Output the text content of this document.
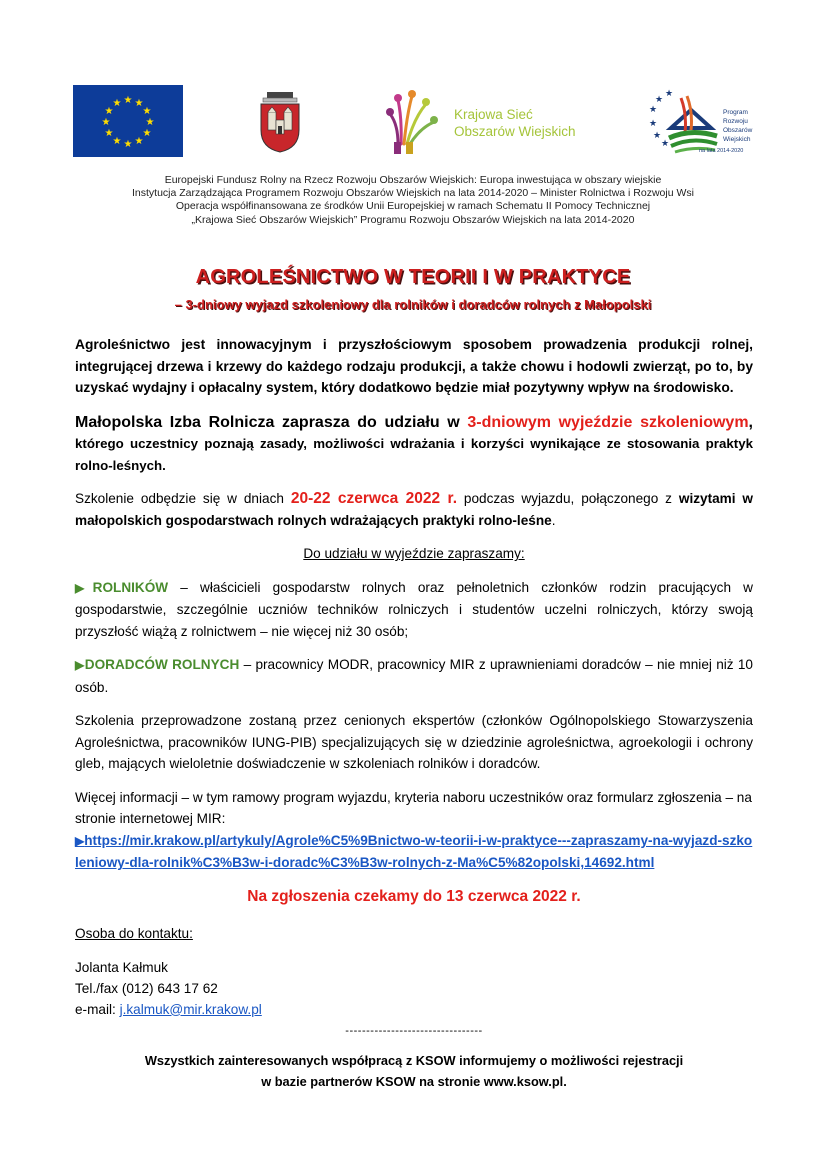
★ ★
★
★
★
★
★
★
★
★
★
★
Krajowa Sieć
Obszarów Wiejskich
★
★
★
★
★
★
Program
Rozwoju
Obszarów
Wiejskich
na lata 2014-2020
Europejski Fundusz Rolny na Rzecz Rozwoju Obszarów Wiejskich: Europa inwestująca w obszary wiejskie
Instytucja Zarządzająca Programem Rozwoju Obszarów Wiejskich na lata 2014-2020 – Minister Rolnictwa i Rozwoju Wsi
Operacja współfinansowana ze środków Unii Europejskiej w ramach Schematu II Pomocy Technicznej
„Krajowa Sieć Obszarów Wiejskich” Programu Rozwoju Obszarów Wiejskich na lata 2014-2020
AGROLEŚNICTWO W TEORII I W PRAKTYCE
– 3-dniowy wyjazd szkoleniowy dla rolników i doradców rolnych z Małopolski

Agroleśnictwo jest innowacyjnym i przyszłościowym sposobem prowadzenia produkcji rolnej, integrującej drzewa i krzewy do każdego rodzaju produkcji, a także chowu i hodowli zwierząt, po to, by uzyskać wydajny i opłacalny system, który dodatkowo będzie miał pozytywny wpływ na środowisko.

Małopolska Izba Rolnicza zaprasza do udziału w 3-dniowym wyjeździe szkoleniowym, którego uczestnicy poznają zasady, możliwości wdrażania i korzyści wynikające ze stosowania praktyk rolno-leśnych.

Szkolenie odbędzie się w dniach 20-22 czerwca 2022 r. podczas wyjazdu, połączonego z wizytami w małopolskich gospodarstwach rolnych wdrażających praktyki rolno-leśne.

Do udziału w wyjeździe zapraszamy:

▶ROLNIKÓW – właścicieli gospodarstw rolnych oraz pełnoletnich członków rodzin pracujących w gospodarstwie, szczególnie uczniów techników rolniczych i studentów uczelni rolniczych, którzy swoją przyszłość wiążą z rolnictwem – nie więcej niż 30 osób;

▶DORADCÓW ROLNYCH – pracownicy MODR, pracownicy MIR z uprawnieniami doradców – nie mniej niż 10 osób.

Szkolenia przeprowadzone zostaną przez cenionych ekspertów (członków Ogólnopolskiego Stowarzyszenia Agroleśnictwa, pracowników IUNG-PIB) specjalizujących się w dziedzinie agroleśnictwa, agroekologii i ochrony gleb, mających wieloletnie doświadczenie w szkoleniach rolników i doradców.

Więcej informacji – w tym ramowy program wyjazdu, kryteria naboru uczestników oraz formularz zgłoszenia – na stronie internetowej MIR:
▶https://mir.krakow.pl/artykuly/Agrole%C5%9Bnictwo-w-teorii-i-w-praktyce---zapraszamy-na-wyjazd-szkoleniowy-dla-rolnik%C3%B3w-i-doradc%C3%B3w-rolnych-z-Ma%C5%82opolski,14692.html

Na zgłoszenia czekamy do 13 czerwca 2022 r.

Osoba do kontaktu:

Jolanta Kałmuk
Tel./fax (012) 643 17 62
e-mail: j.kalmuk@mir.krakow.pl

---------------------------------

Wszystkich zainteresowanych współpracą z KSOW informujemy o możliwości rejestracji
w bazie partnerów KSOW na stronie www.ksow.pl.
